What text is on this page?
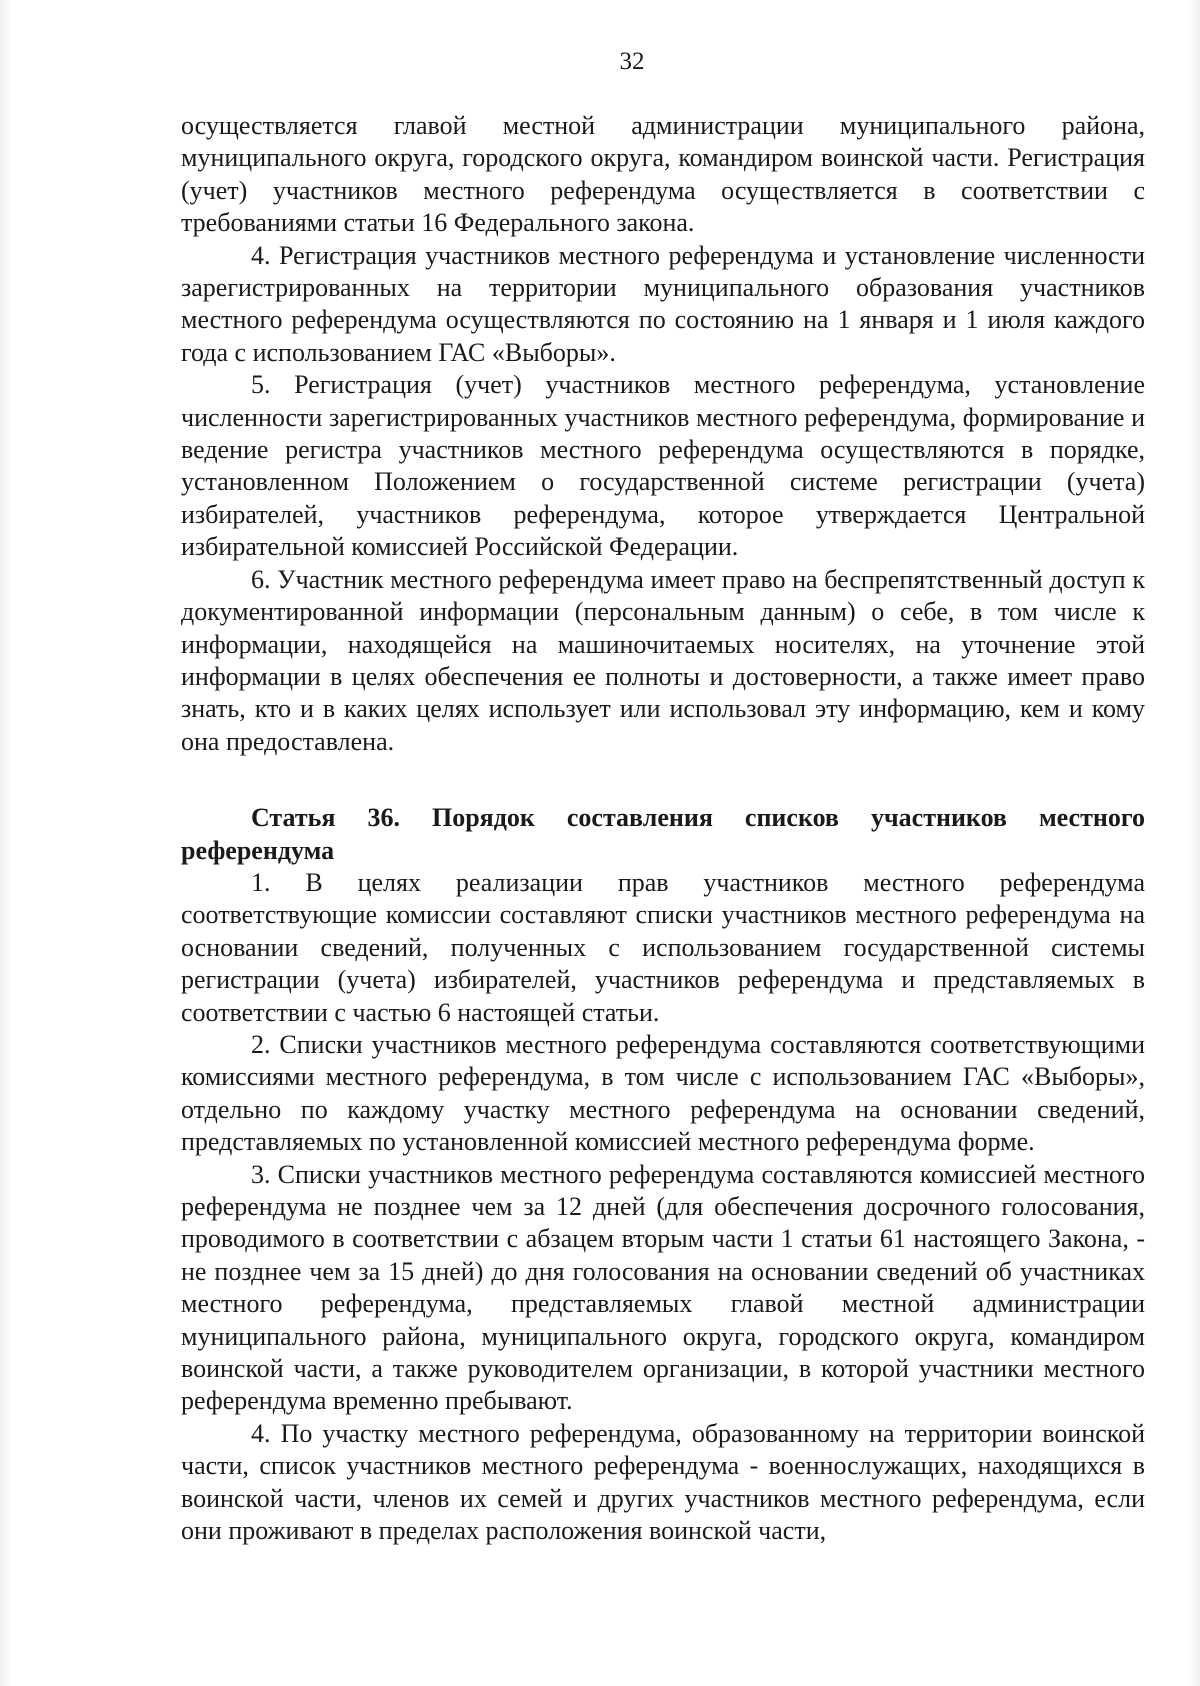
32

осуществляется главой местной администрации муниципального района, муниципального округа, городского округа, командиром воинской части. Регистрация (учет) участников местного референдума осуществляется в соответствии с требованиями статьи 16 Федерального закона.

4. Регистрация участников местного референдума и установление численности зарегистрированных на территории муниципального образования участников местного референдума осуществляются по состоянию на 1 января и 1 июля каждого года с использованием ГАС «Выборы».

5. Регистрация (учет) участников местного референдума, установление численности зарегистрированных участников местного референдума, формирование и ведение регистра участников местного референдума осуществляются в порядке, установленном Положением о государственной системе регистрации (учета) избирателей, участников референдума, которое утверждается Центральной избирательной комиссией Российской Федерации.

6. Участник местного референдума имеет право на беспрепятственный доступ к документированной информации (персональным данным) о себе, в том числе к информации, находящейся на машиночитаемых носителях, на уточнение этой информации в целях обеспечения ее полноты и достоверности, а также имеет право знать, кто и в каких целях использует или использовал эту информацию, кем и кому она предоставлена.

Статья 36. Порядок составления списков участников местного референдума

1. В целях реализации прав участников местного референдума соответствующие комиссии составляют списки участников местного референдума на основании сведений, полученных с использованием государственной системы регистрации (учета) избирателей, участников референдума и представляемых в соответствии с частью 6 настоящей статьи.

2. Списки участников местного референдума составляются соответствующими комиссиями местного референдума, в том числе с использованием ГАС «Выборы», отдельно по каждому участку местного референдума на основании сведений, представляемых по установленной комиссией местного референдума форме.

3. Списки участников местного референдума составляются комиссией местного референдума не позднее чем за 12 дней (для обеспечения досрочного голосования, проводимого в соответствии с абзацем вторым части 1 статьи 61 настоящего Закона, - не позднее чем за 15 дней) до дня голосования на основании сведений об участниках местного референдума, представляемых главой местной администрации муниципального района, муниципального округа, городского округа, командиром воинской части, а также руководителем организации, в которой участники местного референдума временно пребывают.

4. По участку местного референдума, образованному на территории воинской части, список участников местного референдума - военнослужащих, находящихся в воинской части, членов их семей и других участников местного референдума, если они проживают в пределах расположения воинской части,
